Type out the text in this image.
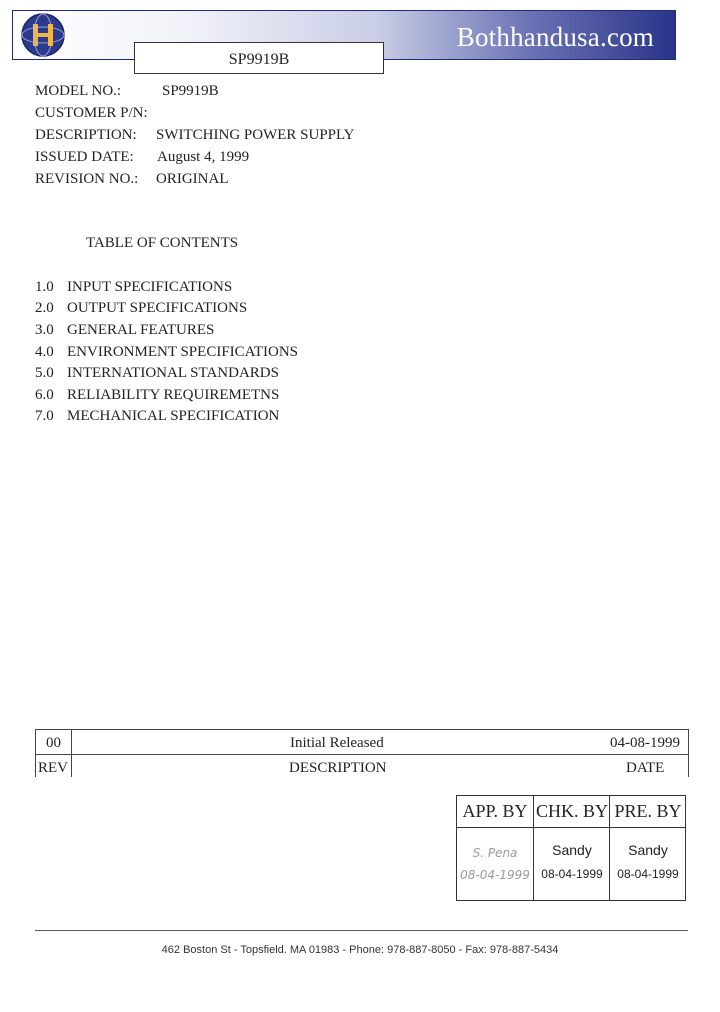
Bothhandusa.com
SP9919B
MODEL NO.:	SP9919B
CUSTOMER P/N:
DESCRIPTION: SWITCHING POWER SUPPLY
ISSUED DATE: August 4, 1999
REVISION NO.: ORIGINAL
TABLE OF CONTENTS
1.0 INPUT SPECIFICATIONS
2.0 OUTPUT SPECIFICATIONS
3.0 GENERAL FEATURES
4.0 ENVIRONMENT SPECIFICATIONS
5.0 INTERNATIONAL STANDARDS
6.0 RELIABILITY REQUIREMETNS
7.0 MECHANICAL SPECIFICATION
00	Initial Released	04-08-1999
REV	DESCRIPTION	DATE
APP. BY CHK. BY PRE. BY
S. Pena
08-04-1999
Sandy
08-04-1999
Sandy
08-04-1999
462 Boston St - Topsfield. MA 01983 - Phone: 978-887-8050 - Fax: 978-887-5434
